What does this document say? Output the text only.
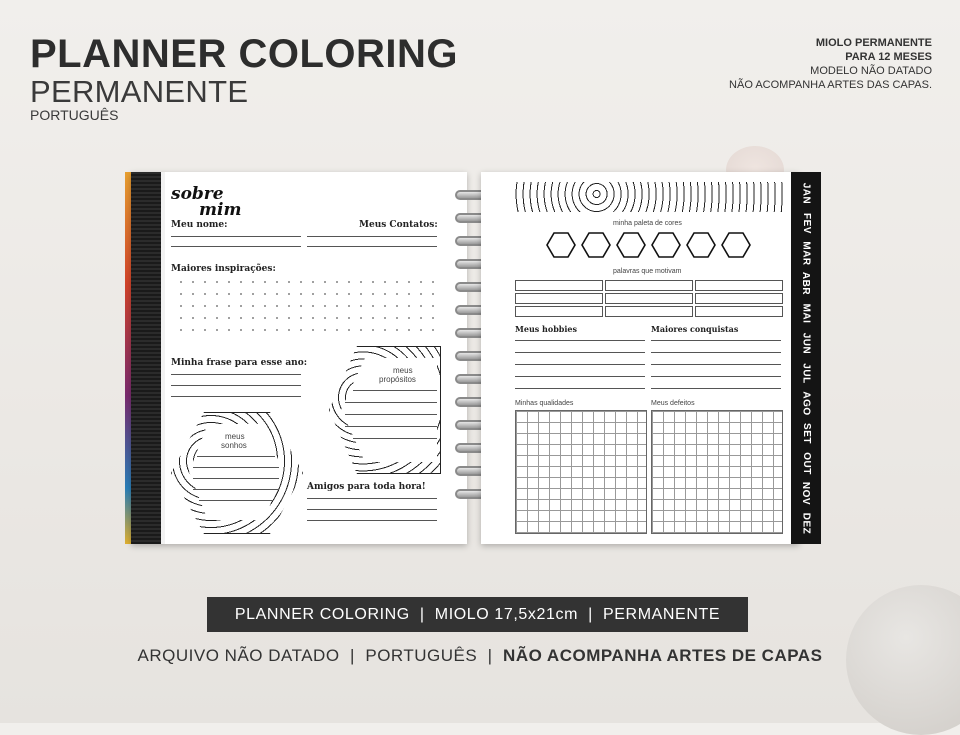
PLANNER COLORING
PERMANENTE
PORTUGUÊS
MIOLO PERMANENTE
PARA 12 MESES
MODELO NÃO DATADO
NÃO ACOMPANHA ARTES DAS CAPAS.
sobre
mim
Meu nome:	Meus Contatos:
Maiores inspirações:
Minha frase para esse ano:
meus
sonhos
meus
propósitos
Amigos para toda hora!
minha paleta de cores
palavras que motivam
Meus hobbies	Maiores conquistas
Minhas qualidades	Meus defeitos
JAN
FEV
MAR
ABR
MAI
JUN
JUL
AGO
SET
OUT
NOV
DEZ
PLANNER COLORING  |  MIOLO 17,5x21cm  |  PERMANENTE
ARQUIVO NÃO DATADO  |  PORTUGUÊS  |  NÃO ACOMPANHA ARTES DE CAPAS
